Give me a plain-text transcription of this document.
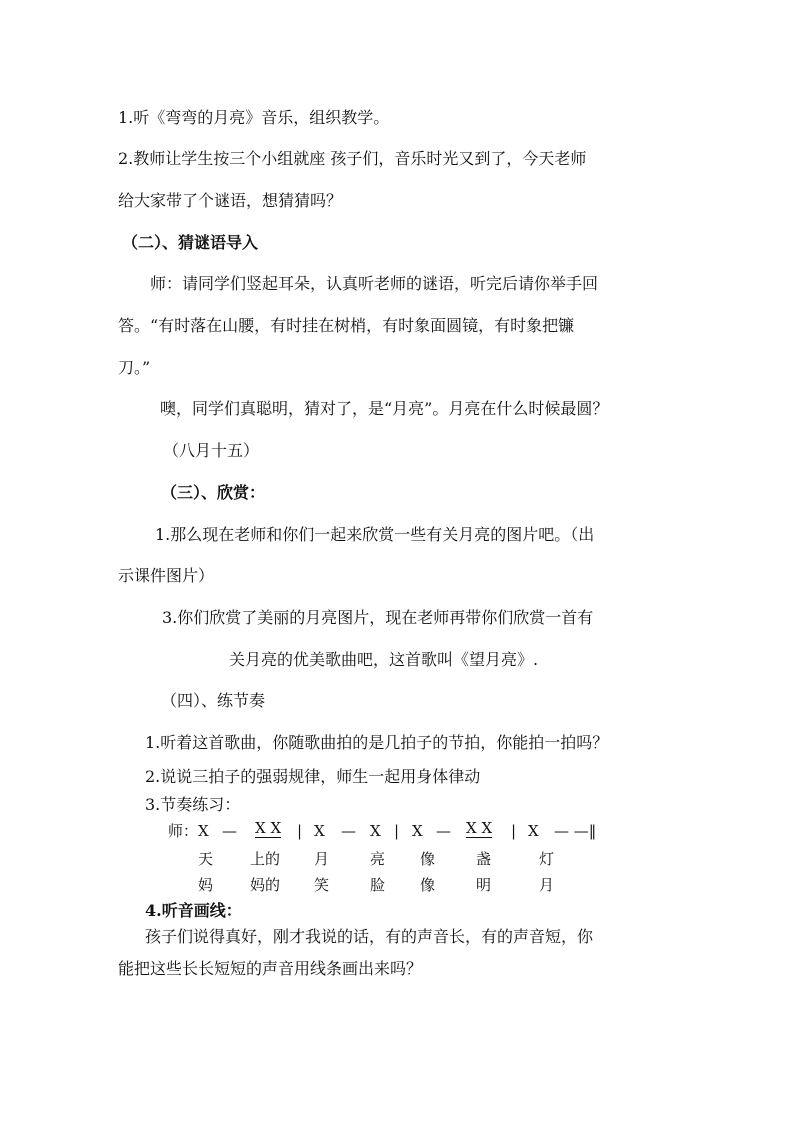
1.听《弯弯的月亮》音乐，组织教学。
2.教师让学生按三个小组就座 孩子们，音乐时光又到了，今天老师
给大家带了个谜语，想猜猜吗？
（二）、猜谜语导入
师：请同学们竖起耳朵，认真听老师的谜语，听完后请你举手回
答。“有时落在山腰，有时挂在树梢，有时象面圆镜，有时象把镰
刀。”
噢，同学们真聪明，猜对了，是“月亮”。月亮在什么时候最圆？
（八月十五）
（三）、欣赏：
1.那么现在老师和你们一起来欣赏一些有关月亮的图片吧。（出
示课件图片）
3.你们欣赏了美丽的月亮图片，现在老师再带你们欣赏一首有
关月亮的优美歌曲吧，这首歌叫《望月亮》.
（四）、练节奏
1.听着这首歌曲，你随歌曲拍的是几拍子的节拍，你能拍一拍吗？
2.说说三拍子的强弱规律，师生一起用身体律动
3.节奏练习：
师： X — X X | X — X | X — X X | X — —‖
天 上的 月	亮 像	盏	灯
妈 妈的 笑	脸 像	明	月
4.听音画线：
孩子们说得真好，刚才我说的话，有的声音长，有的声音短，你
能把这些长长短短的声音用线条画出来吗？
